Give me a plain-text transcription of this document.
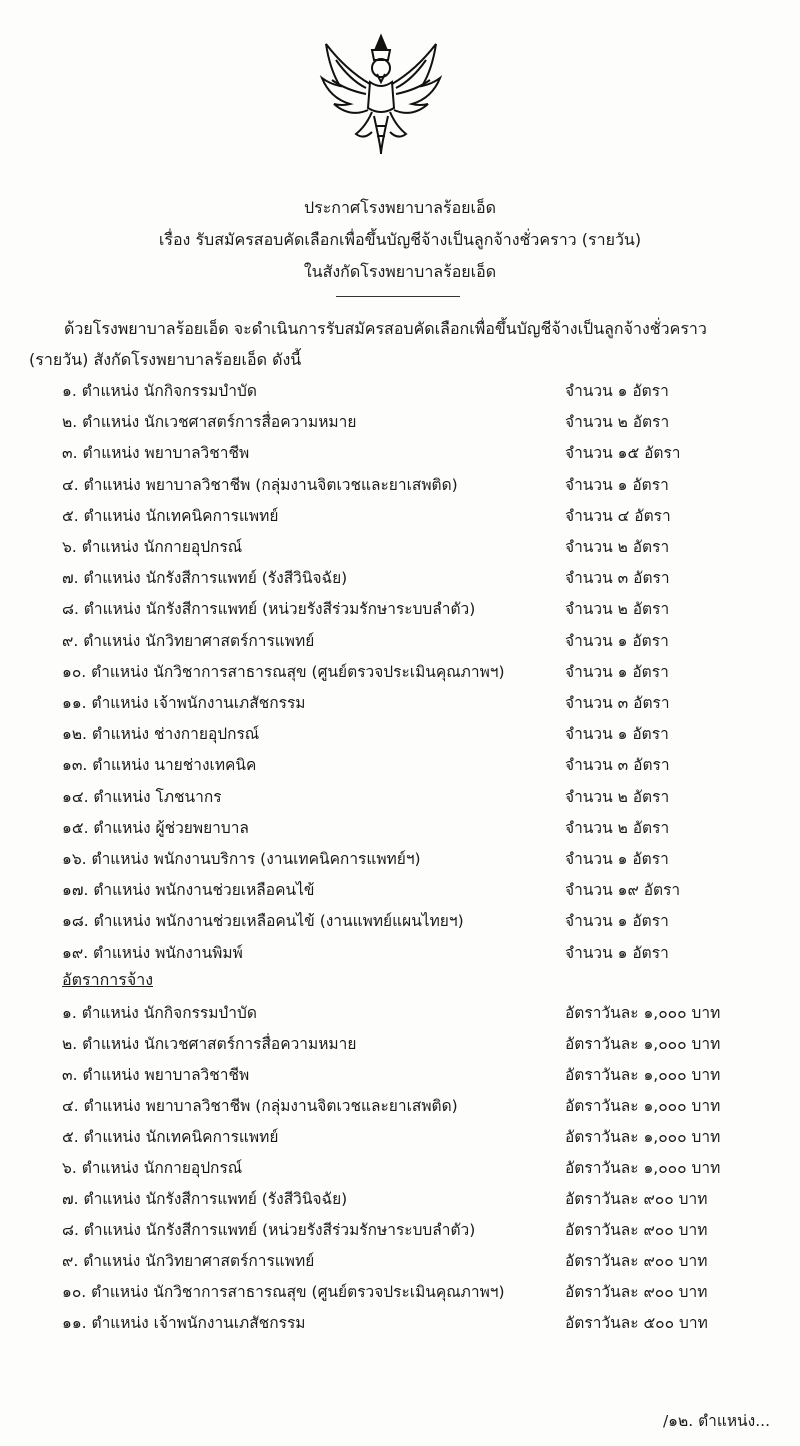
ประกาศโรงพยาบาลร้อยเอ็ด
เรื่อง รับสมัครสอบคัดเลือกเพื่อขึ้นบัญชีจ้างเป็นลูกจ้างชั่วคราว (รายวัน)
ในสังกัดโรงพยาบาลร้อยเอ็ด
ด้วยโรงพยาบาลร้อยเอ็ด จะดำเนินการรับสมัครสอบคัดเลือกเพื่อขึ้นบัญชีจ้างเป็นลูกจ้างชั่วคราว
(รายวัน) สังกัดโรงพยาบาลร้อยเอ็ด ดังนี้
๑. ตำแหน่ง นักกิจกรรมบำบัด	จำนวน ๑ อัตรา
๒. ตำแหน่ง นักเวชศาสตร์การสื่อความหมาย	จำนวน ๒ อัตรา
๓. ตำแหน่ง พยาบาลวิชาชีพ	จำนวน ๑๕ อัตรา
๔. ตำแหน่ง พยาบาลวิชาชีพ (กลุ่มงานจิตเวชและยาเสพติด)	จำนวน ๑ อัตรา
๕. ตำแหน่ง นักเทคนิคการแพทย์	จำนวน ๔ อัตรา
๖. ตำแหน่ง นักกายอุปกรณ์	จำนวน ๒ อัตรา
๗. ตำแหน่ง นักรังสีการแพทย์ (รังสีวินิจฉัย)	จำนวน ๓ อัตรา
๘. ตำแหน่ง นักรังสีการแพทย์ (หน่วยรังสีร่วมรักษาระบบลำตัว)	จำนวน ๒ อัตรา
๙. ตำแหน่ง นักวิทยาศาสตร์การแพทย์	จำนวน ๑ อัตรา
๑๐. ตำแหน่ง นักวิชาการสาธารณสุข (ศูนย์ตรวจประเมินคุณภาพฯ)	จำนวน ๑ อัตรา
๑๑. ตำแหน่ง เจ้าพนักงานเภสัชกรรม	จำนวน ๓ อัตรา
๑๒. ตำแหน่ง ช่างกายอุปกรณ์	จำนวน ๑ อัตรา
๑๓. ตำแหน่ง นายช่างเทคนิค	จำนวน ๓ อัตรา
๑๔. ตำแหน่ง โภชนากร	จำนวน ๒ อัตรา
๑๕. ตำแหน่ง ผู้ช่วยพยาบาล	จำนวน ๒ อัตรา
๑๖. ตำแหน่ง พนักงานบริการ (งานเทคนิคการแพทย์ฯ)	จำนวน ๑ อัตรา
๑๗. ตำแหน่ง พนักงานช่วยเหลือคนไข้	จำนวน ๑๙ อัตรา
๑๘. ตำแหน่ง พนักงานช่วยเหลือคนไข้ (งานแพทย์แผนไทยฯ)	จำนวน ๑ อัตรา
๑๙. ตำแหน่ง พนักงานพิมพ์	จำนวน ๑ อัตรา
อัตราการจ้าง
๑. ตำแหน่ง นักกิจกรรมบำบัด	อัตราวันละ ๑,๐๐๐ บาท
๒. ตำแหน่ง นักเวชศาสตร์การสื่อความหมาย	อัตราวันละ ๑,๐๐๐ บาท
๓. ตำแหน่ง พยาบาลวิชาชีพ	อัตราวันละ ๑,๐๐๐ บาท
๔. ตำแหน่ง พยาบาลวิชาชีพ (กลุ่มงานจิตเวชและยาเสพติด)	อัตราวันละ ๑,๐๐๐ บาท
๕. ตำแหน่ง นักเทคนิคการแพทย์	อัตราวันละ ๑,๐๐๐ บาท
๖. ตำแหน่ง นักกายอุปกรณ์	อัตราวันละ ๑,๐๐๐ บาท
๗. ตำแหน่ง นักรังสีการแพทย์ (รังสีวินิจฉัย)	อัตราวันละ ๙๐๐ บาท
๘. ตำแหน่ง นักรังสีการแพทย์ (หน่วยรังสีร่วมรักษาระบบลำตัว)	อัตราวันละ ๙๐๐ บาท
๙. ตำแหน่ง นักวิทยาศาสตร์การแพทย์	อัตราวันละ ๙๐๐ บาท
๑๐. ตำแหน่ง นักวิชาการสาธารณสุข (ศูนย์ตรวจประเมินคุณภาพฯ)	อัตราวันละ ๙๐๐ บาท
๑๑. ตำแหน่ง เจ้าพนักงานเภสัชกรรม	อัตราวันละ ๕๐๐ บาท
/๑๒. ตำแหน่ง...
